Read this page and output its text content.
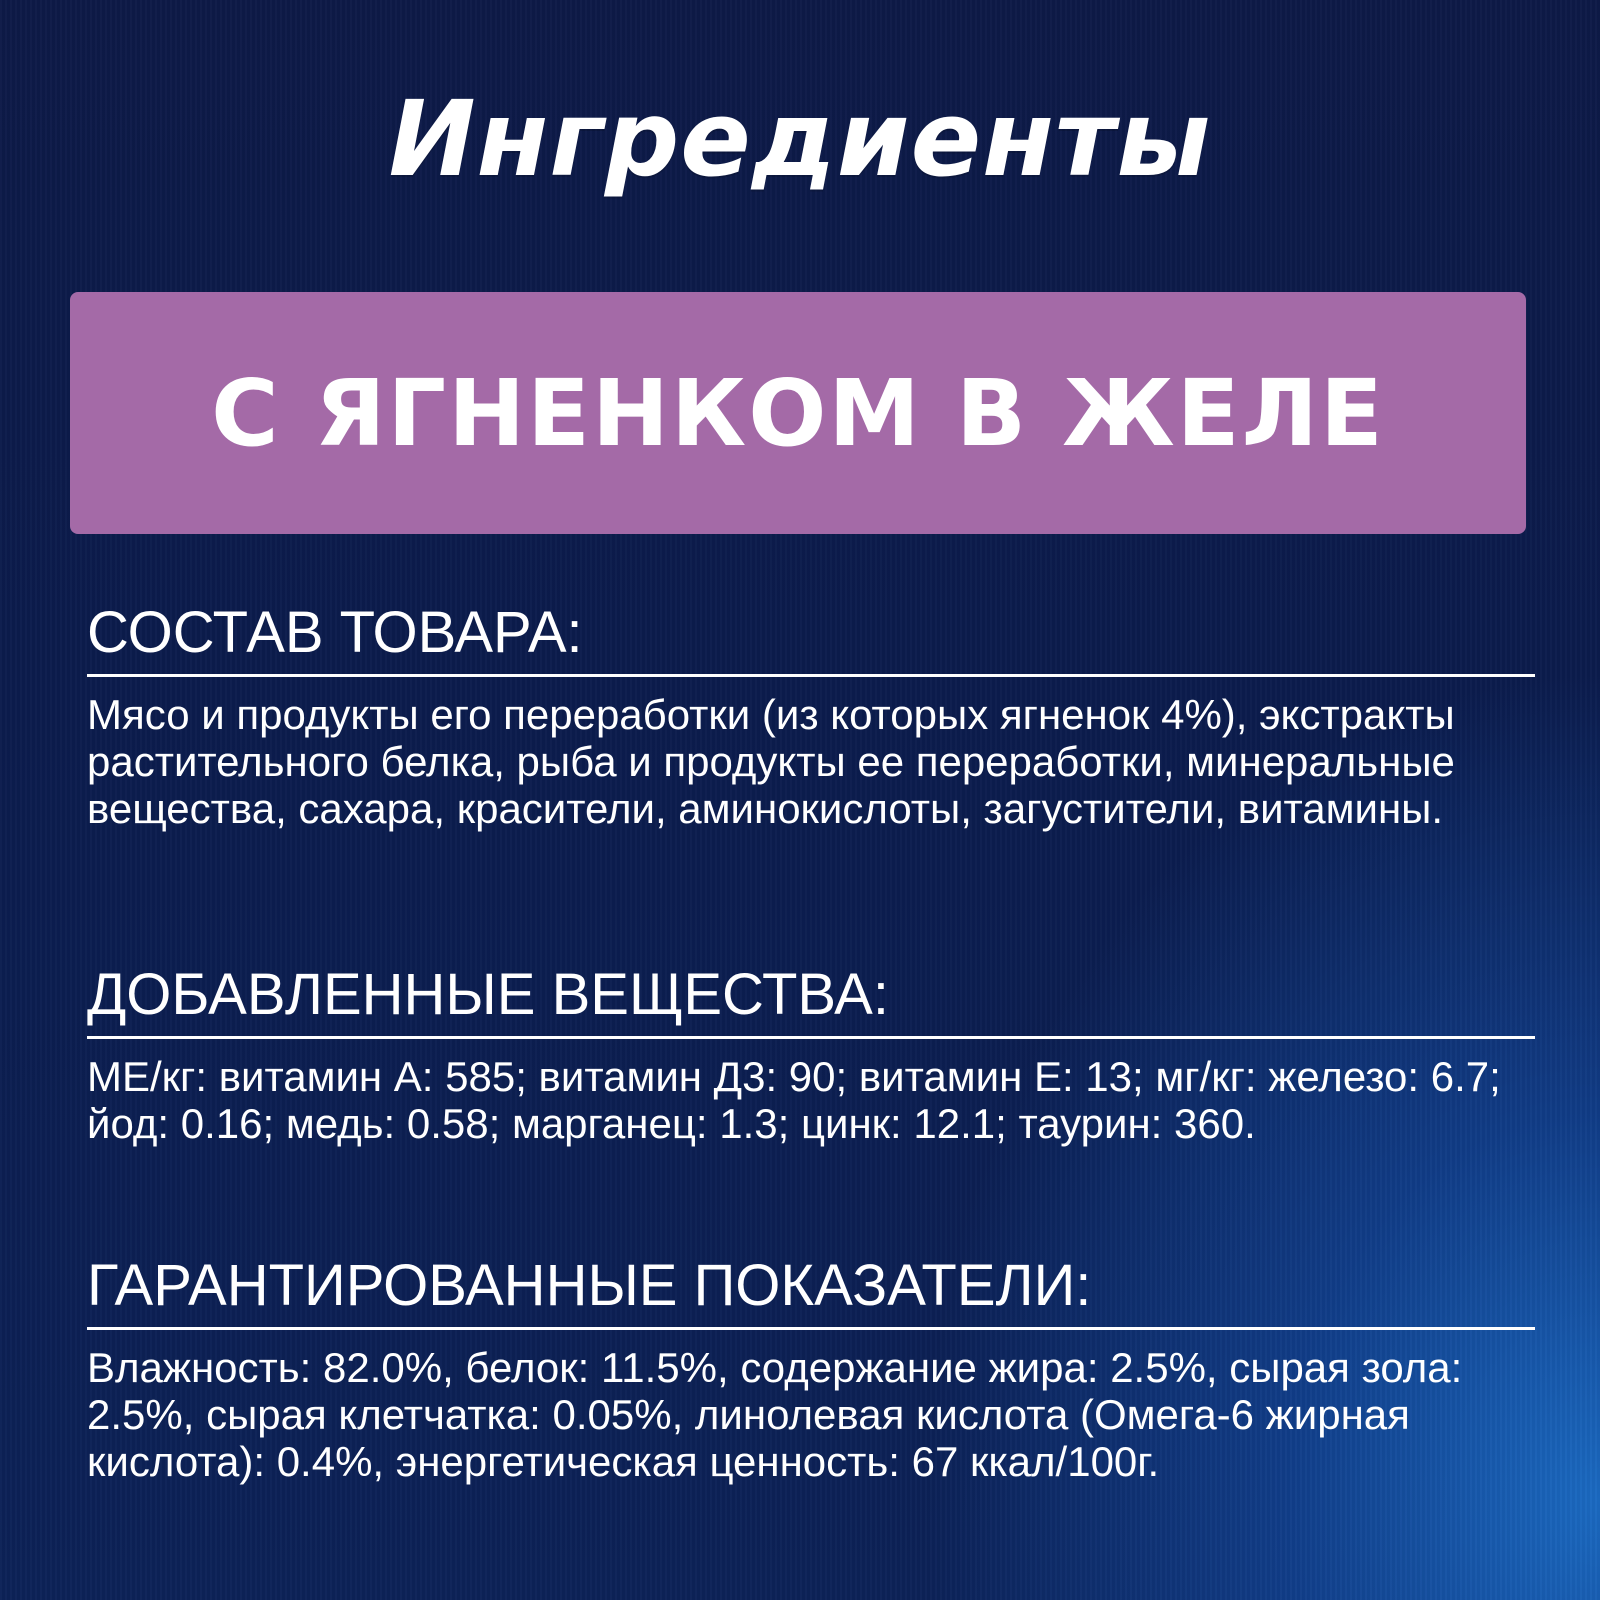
Ингредиенты
С ЯГНЕНКОМ В ЖЕЛЕ
СОСТАВ ТОВАРА:
Мясо и продукты его переработки (из которых ягненок 4%), экстракты растительного белка, рыба и продукты ее переработки, минеральные вещества, сахара, красители, аминокислоты, загустители, витамины.
ДОБАВЛЕННЫЕ ВЕЩЕСТВА:
МЕ/кг: витамин А: 585; витамин Д3: 90; витамин Е: 13; мг/кг: железо: 6.7; йод: 0.16; медь: 0.58; марганец: 1.3; цинк: 12.1; таурин: 360.
ГАРАНТИРОВАННЫЕ ПОКАЗАТЕЛИ:
Влажность: 82.0%, белок: 11.5%, содержание жира: 2.5%, сырая зола: 2.5%, сырая клетчатка: 0.05%, линолевая кислота (Омега-6 жирная кислота): 0.4%, энергетическая ценность: 67 ккал/100г.
